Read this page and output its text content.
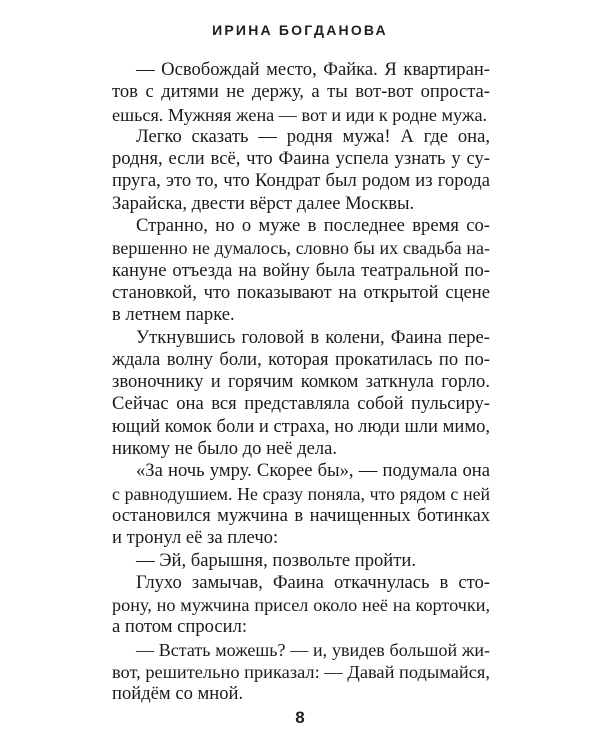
ИРИНА БОГДАНОВА
— Освобождай место, Файка. Я квартиран-
тов с дитями не держу, а ты вот-вот опроста-
ешься. Мужняя жена — вот и иди к родне мужа.
Легко сказать — родня мужа! А где она,
родня, если всё, что Фаина успела узнать у су-
пруга, это то, что Кондрат был родом из города
Зарайска, двести вёрст далее Москвы.
Странно, но о муже в последнее время со-
вершенно не думалось, словно бы их свадьба на-
кануне отъезда на войну была театральной по-
становкой, что показывают на открытой сцене
в летнем парке.
Уткнувшись головой в колени, Фаина пере-
ждала волну боли, которая прокатилась по по-
звоночнику и горячим комком заткнула горло.
Сейчас она вся представляла собой пульсиру-
ющий комок боли и страха, но люди шли мимо,
никому не было до неё дела.
«За ночь умру. Скорее бы», — подумала она
с равнодушием. Не сразу поняла, что рядом с ней
остановился мужчина в начищенных ботинках
и тронул её за плечо:
— Эй, барышня, позвольте пройти.
Глухо замычав, Фаина откачнулась в сто-
рону, но мужчина присел около неё на корточки,
а потом спросил:
— Встать можешь? — и, увидев большой жи-
вот, решительно приказал: — Давай подымайся,
пойдём со мной.
8
